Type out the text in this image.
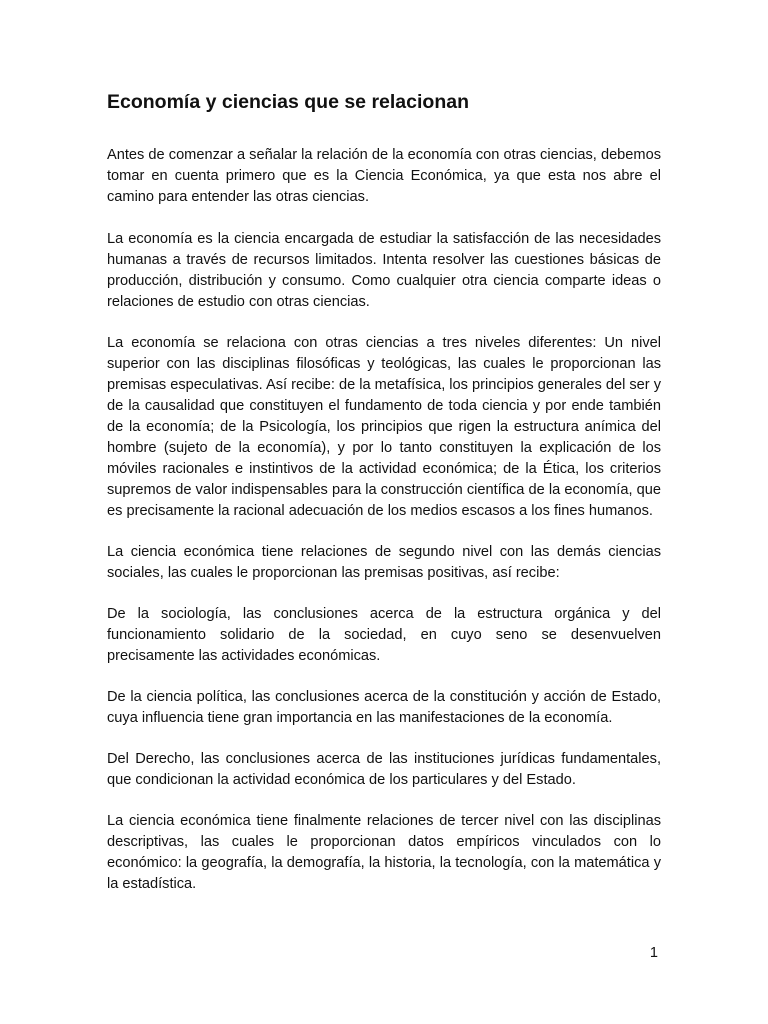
Economía y ciencias que se relacionan

Antes de comenzar a señalar la relación de la economía con otras ciencias, debemos tomar en cuenta primero que es la Ciencia Económica, ya que esta nos abre el camino para entender las otras ciencias.

La economía es la ciencia encargada de estudiar la satisfacción de las necesidades humanas a través de recursos limitados. Intenta resolver las cuestiones básicas de producción, distribución y consumo. Como cualquier otra ciencia comparte ideas o relaciones de estudio con otras ciencias.

La economía se relaciona con otras ciencias a tres niveles diferentes: Un nivel superior con las disciplinas filosóficas y teológicas, las cuales le proporcionan las premisas especulativas. Así recibe: de la metafísica, los principios generales del ser y de la causalidad que constituyen el fundamento de toda ciencia y por ende también de la economía; de la Psicología, los principios que rigen la estructura anímica del hombre (sujeto de la economía), y por lo tanto constituyen la explicación de los móviles racionales e instintivos de la actividad económica; de la Ética, los criterios supremos de valor indispensables para la construcción científica de la economía, que es precisamente la racional adecuación de los medios escasos a los fines humanos.

La ciencia económica tiene relaciones de segundo nivel con las demás ciencias sociales, las cuales le proporcionan las premisas positivas, así recibe:

De la sociología, las conclusiones acerca de la estructura orgánica y del funcionamiento solidario de la sociedad, en cuyo seno se desenvuelven precisamente las actividades económicas.

De la ciencia política, las conclusiones acerca de la constitución y acción de Estado, cuya influencia tiene gran importancia en las manifestaciones de la economía.

Del Derecho, las conclusiones acerca de las instituciones jurídicas fundamentales, que condicionan la actividad económica de los particulares y del Estado.

La ciencia económica tiene finalmente relaciones de tercer nivel con las disciplinas descriptivas, las cuales le proporcionan datos empíricos vinculados con lo económico: la geografía, la demografía, la historia, la tecnología, con la matemática y la estadística.

1
